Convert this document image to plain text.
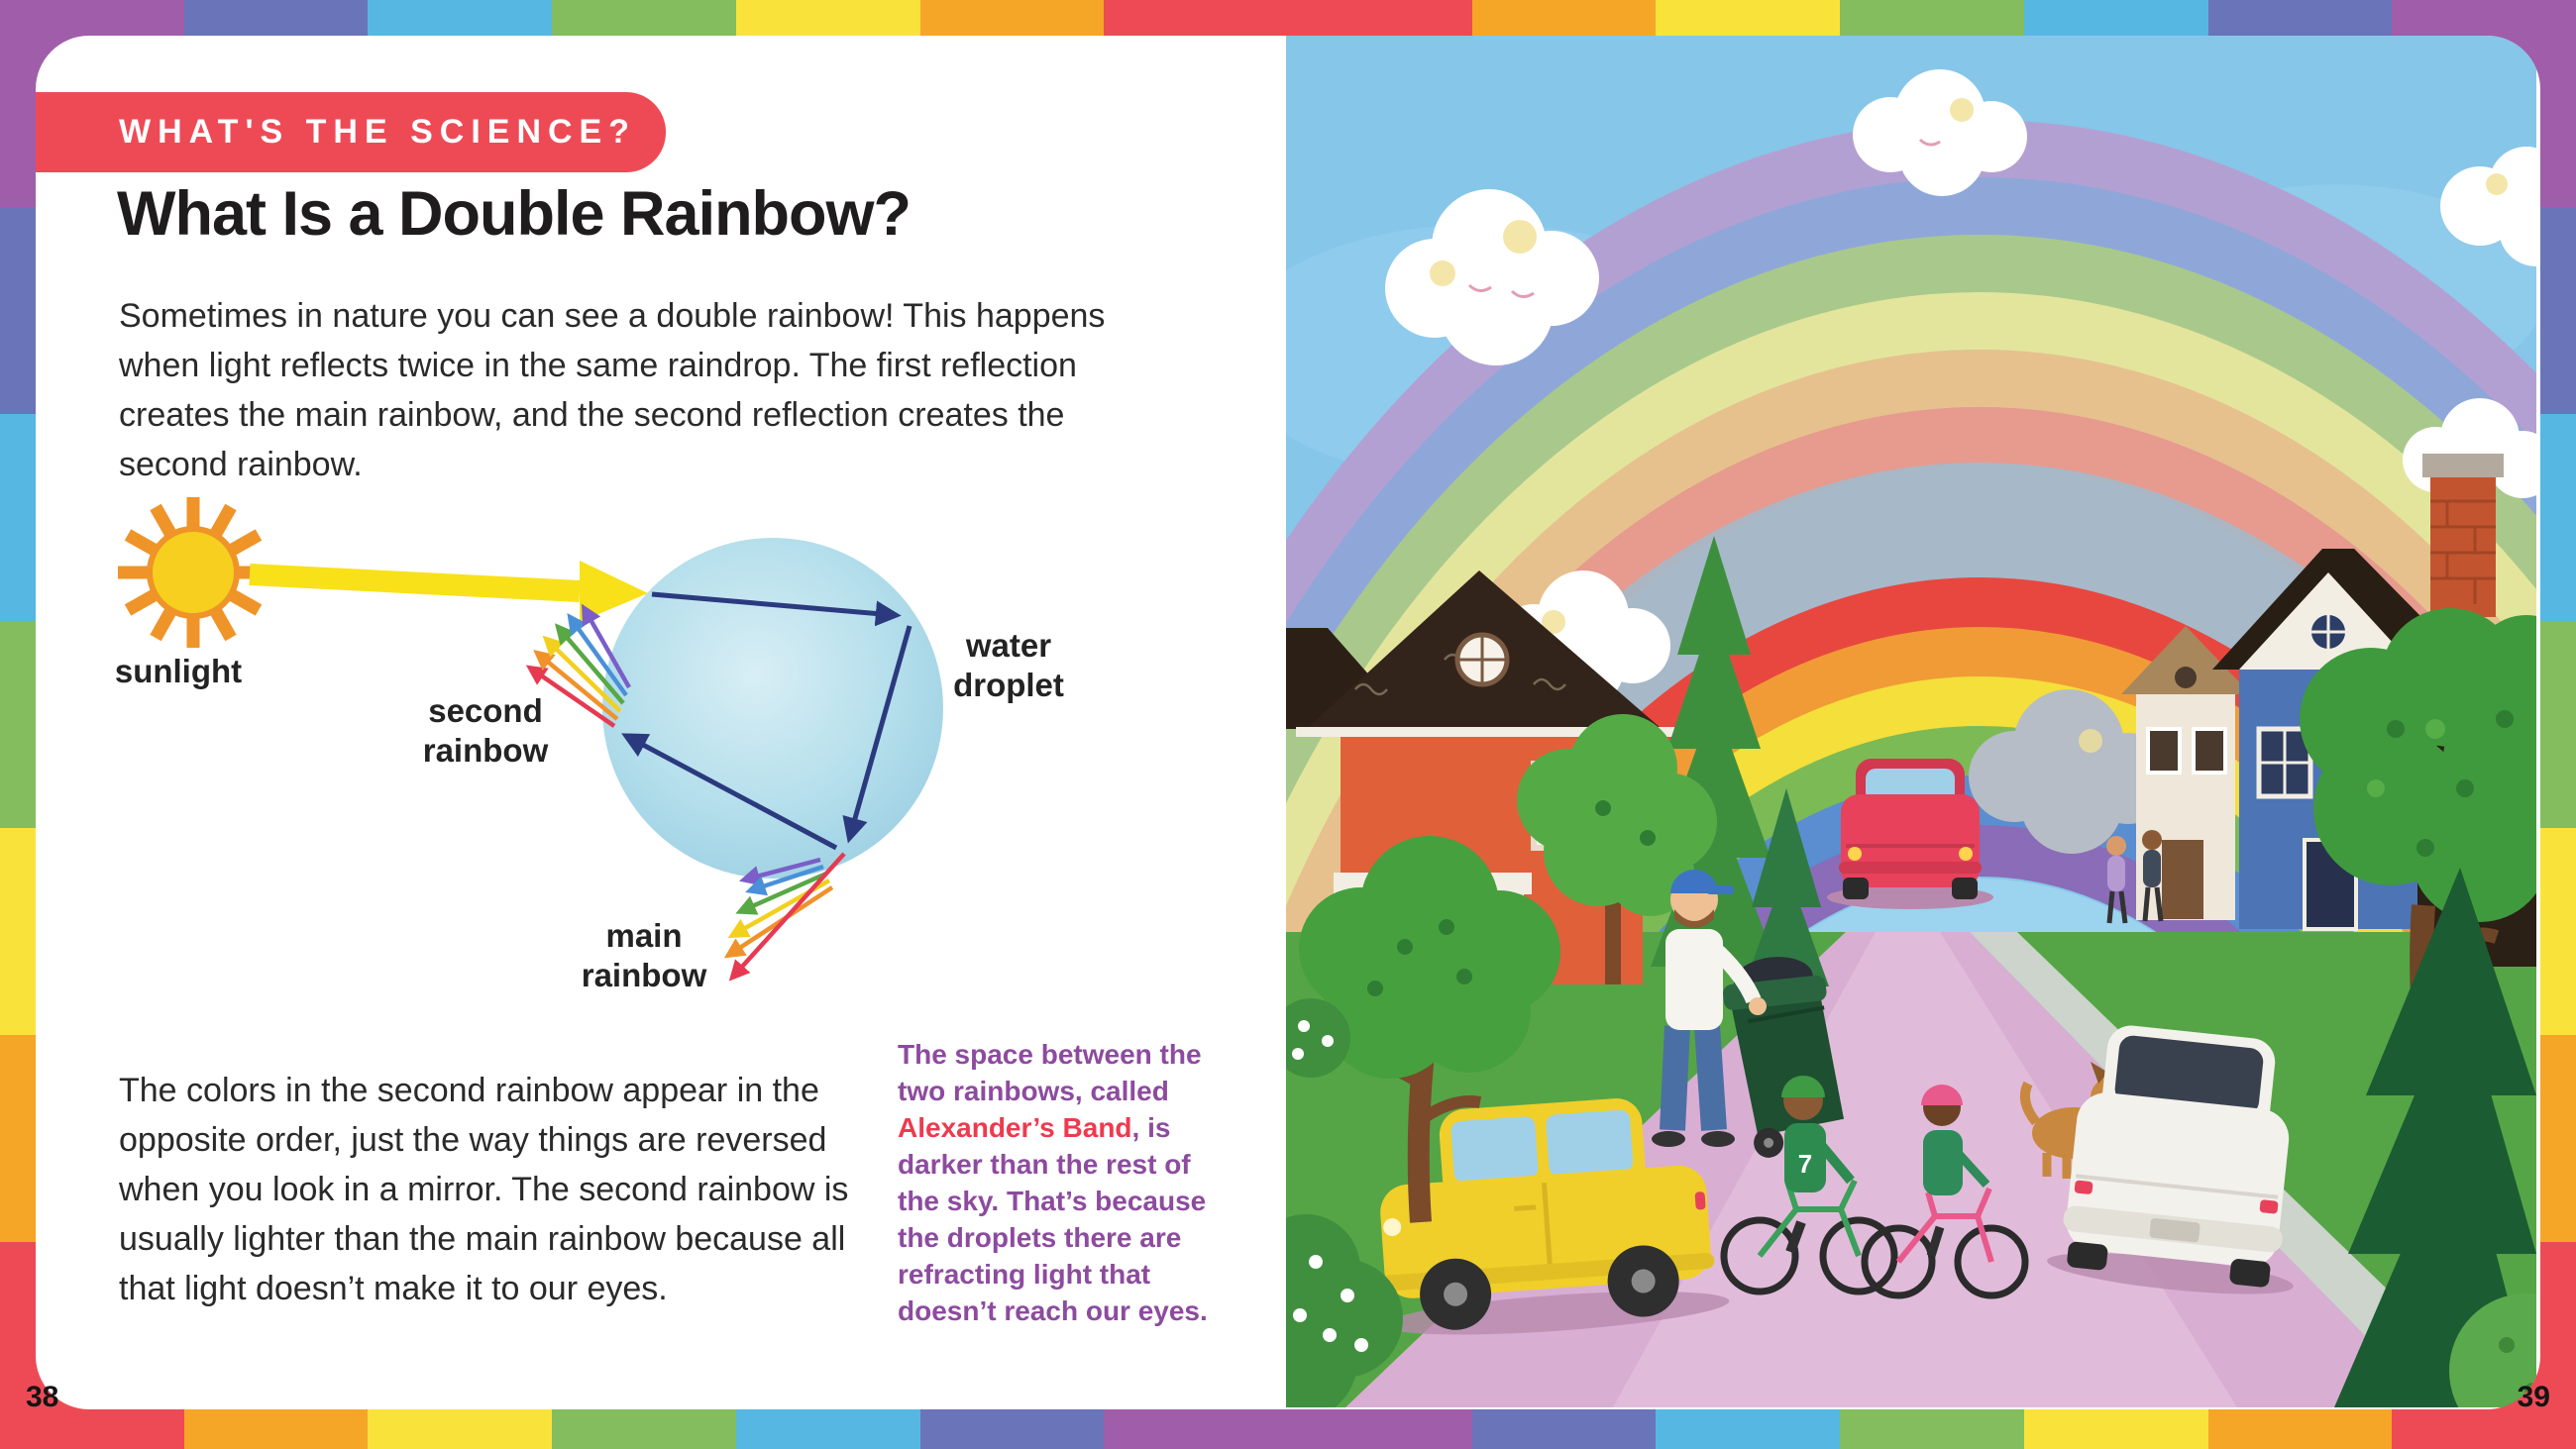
38	39
WHAT'S THE SCIENCE?
What Is a Double Rainbow?
Sometimes in nature you can see a double rainbow! This happens
when light reflects twice in the same raindrop. The first reflection
creates the main rainbow, and the second reflection creates the
second rainbow.
sunlight
second
rainbow
water
droplet
main
rainbow
The colors in the second rainbow appear in the
opposite order, just the way things are reversed
when you look in a mirror. The second rainbow is
usually lighter than the main rainbow because all
that light doesn’t make it to our eyes.
The space between the
two rainbows, called
Alexander’s Band, is
darker than the rest of
the sky. That’s because
the droplets there are
refracting light that
doesn’t reach our eyes.
7
